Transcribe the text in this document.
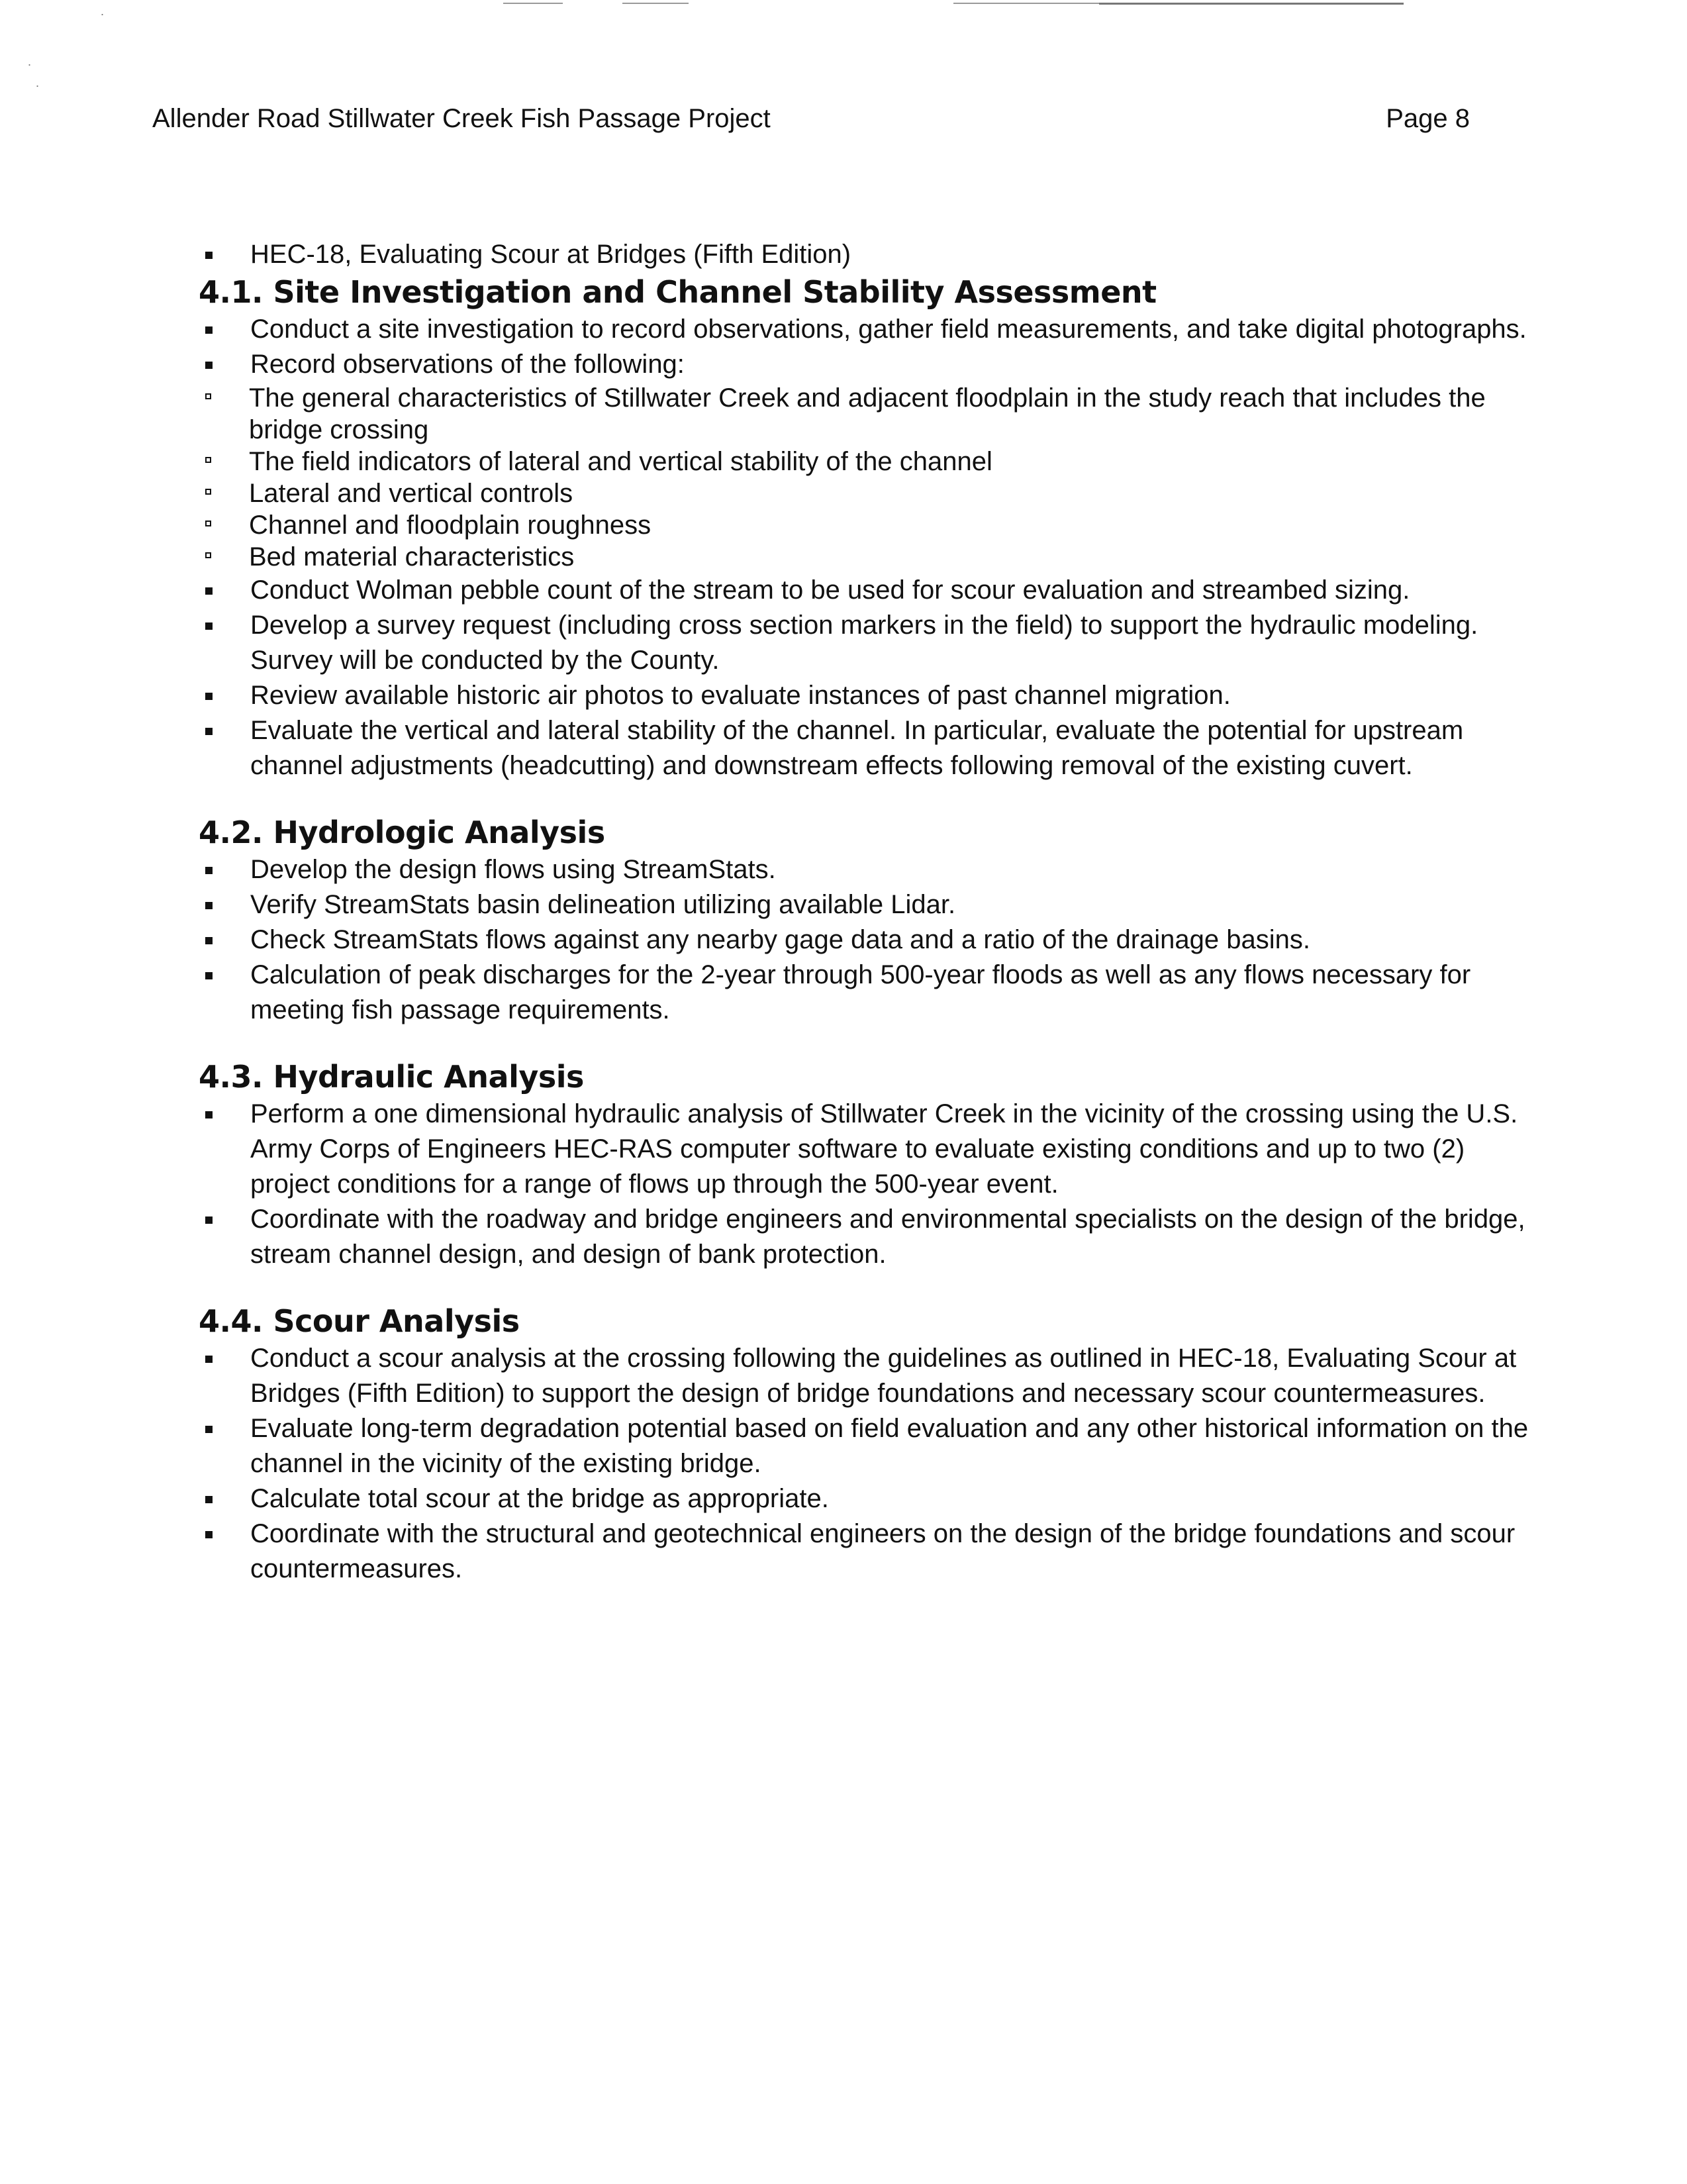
˙
˙
˙
Allender Road Stillwater Creek Fish Passage Project	Page 8
HEC-18, Evaluating Scour at Bridges (Fifth Edition)
4.1. Site Investigation and Channel Stability Assessment
Conduct a site investigation to record observations, gather field measurements, and take digital photographs.
Record observations of the following:
The general characteristics of Stillwater Creek and adjacent floodplain in the study reach that includes the bridge crossing
The field indicators of lateral and vertical stability of the channel
Lateral and vertical controls
Channel and floodplain roughness
Bed material characteristics
Conduct Wolman pebble count of the stream to be used for scour evaluation and streambed sizing.
Develop a survey request (including cross section markers in the field) to support the hydraulic modeling. Survey will be conducted by the County.
Review available historic air photos to evaluate instances of past channel migration.
Evaluate the vertical and lateral stability of the channel. In particular, evaluate the potential for upstream channel adjustments (headcutting) and downstream effects following removal of the existing cuvert.
4.2. Hydrologic Analysis
Develop the design flows using StreamStats.
Verify StreamStats basin delineation utilizing available Lidar.
Check StreamStats flows against any nearby gage data and a ratio of the drainage basins.
Calculation of peak discharges for the 2-year through 500-year floods as well as any flows necessary for meeting fish passage requirements.
4.3. Hydraulic Analysis
Perform a one dimensional hydraulic analysis of Stillwater Creek in the vicinity of the crossing using the U.S. Army Corps of Engineers HEC-RAS computer software to evaluate existing conditions and up to two (2) project conditions for a range of flows up through the 500-year event.
Coordinate with the roadway and bridge engineers and environmental specialists on the design of the bridge, stream channel design, and design of bank protection.
4.4. Scour Analysis
Conduct a scour analysis at the crossing following the guidelines as outlined in HEC-18, Evaluating Scour at Bridges (Fifth Edition) to support the design of bridge foundations and necessary scour countermeasures.
Evaluate long-term degradation potential based on field evaluation and any other historical information on the channel in the vicinity of the existing bridge.
Calculate total scour at the bridge as appropriate.
Coordinate with the structural and geotechnical engineers on the design of the bridge foundations and scour countermeasures.
